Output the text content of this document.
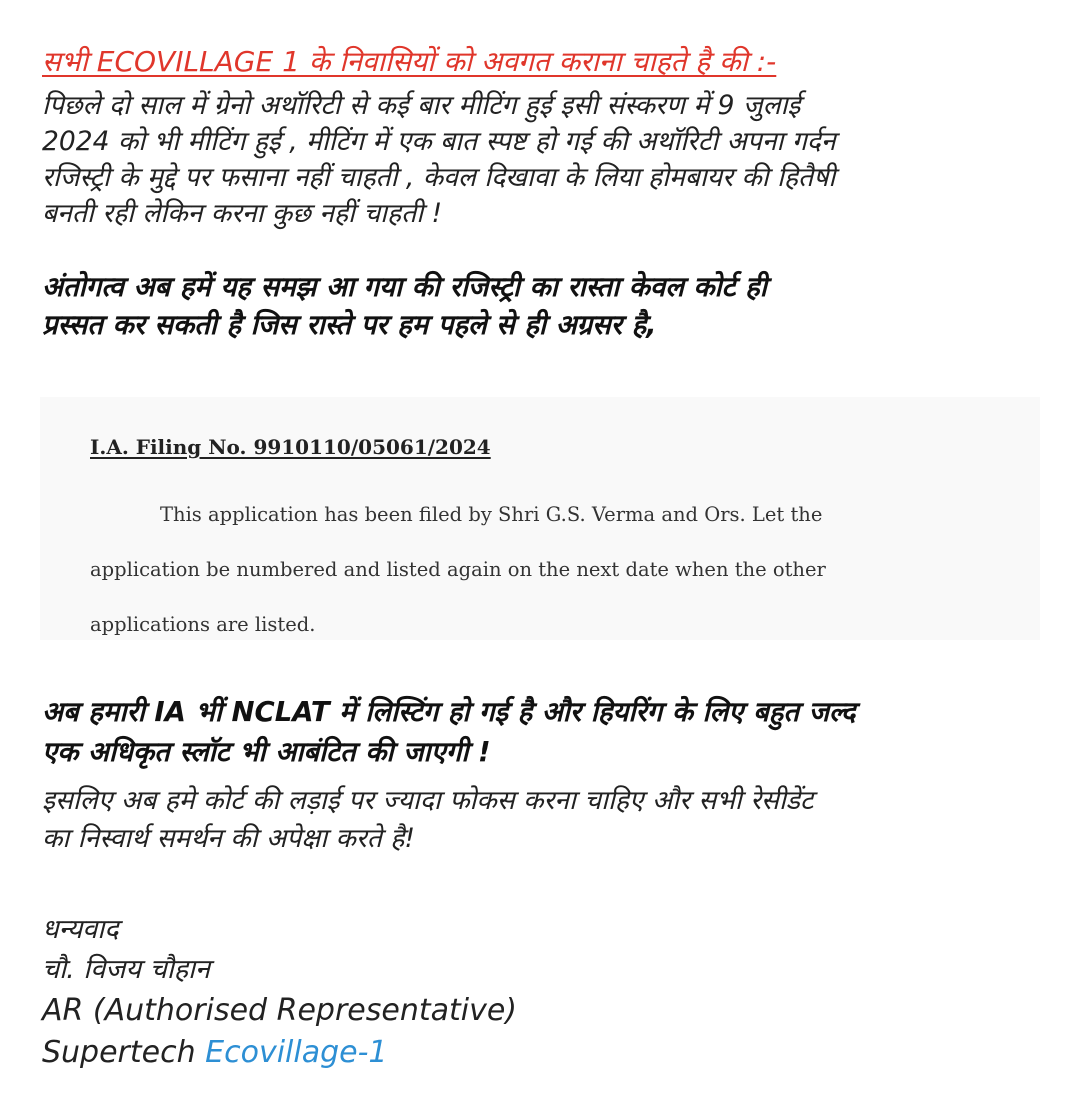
सभी ECOVILLAGE 1 के निवासियों को अवगत कराना चाहते है की :-
पिछले दो साल में ग्रेनो अथॉरिटी से कई बार मीटिंग हुई इसी संस्करण में 9 जुलाई
2024 को भी मीटिंग हुई , मीटिंग में एक बात स्पष्ट हो गई की अथॉरिटी अपना गर्दन
रजिस्ट्री के मुद्दे पर फसाना नहीं चाहती , केवल दिखावा के लिया होमबायर की हितैषी
बनती रही लेकिन करना कुछ नहीं चाहती !
अंतोगत्व अब हमें यह समझ आ गया की रजिस्ट्री का रास्ता केवल कोर्ट ही
प्रस्सत कर सकती है जिस रास्ते पर हम पहले से ही अग्रसर है,
I.A. Filing No. 9910110/05061/2024
This application has been filed by Shri G.S. Verma and Ors. Let the
application be numbered and listed again on the next date when the other
applications are listed.
अब हमारी IA भीं NCLAT में लिस्टिंग हो गई है और हियरिंग के लिए बहुत जल्द
एक अधिकृत स्लॉट भी आबंटित की जाएगी !
इसलिए अब हमे कोर्ट की लड़ाई पर ज्यादा फोकस करना चाहिए और सभी रेसीडेंट
का निस्वार्थ समर्थन की अपेक्षा करते है!
धन्यवाद
चौ. विजय चौहान
AR (Authorised Representative)
Supertech Ecovillage-1
